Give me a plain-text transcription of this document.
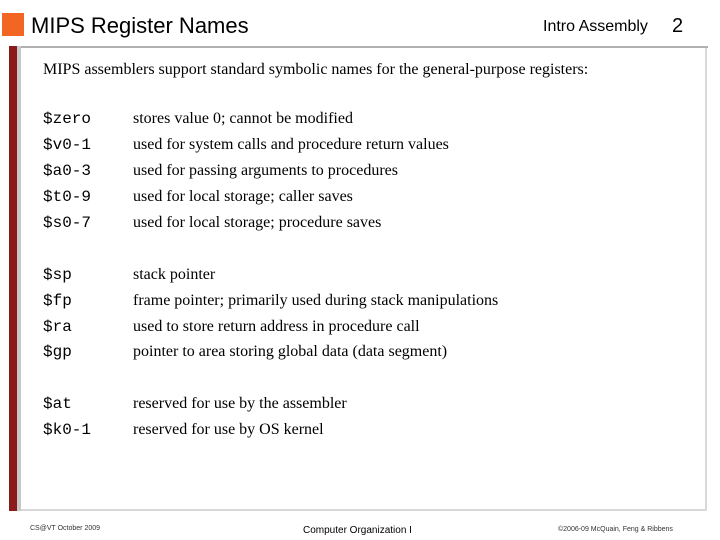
MIPS Register Names	Intro Assembly 2
MIPS assemblers support standard symbolic names for the general-purpose registers:
$zero	stores value 0; cannot be modified
$v0-1	used for system calls and procedure return values
$a0-3	used for passing arguments to procedures
$t0-9	used for local storage; caller saves
$s0-7	used for local storage; procedure saves
$sp	stack pointer
$fp	frame pointer; primarily used during stack manipulations
$ra	used to store return address in procedure call
$gp	pointer to area storing global data (data segment)
$at	reserved for use by the assembler
$k0-1	reserved for use by OS kernel
CS@VT October 2009	Computer Organization I	©2006-09 McQuain, Feng & Ribbens
